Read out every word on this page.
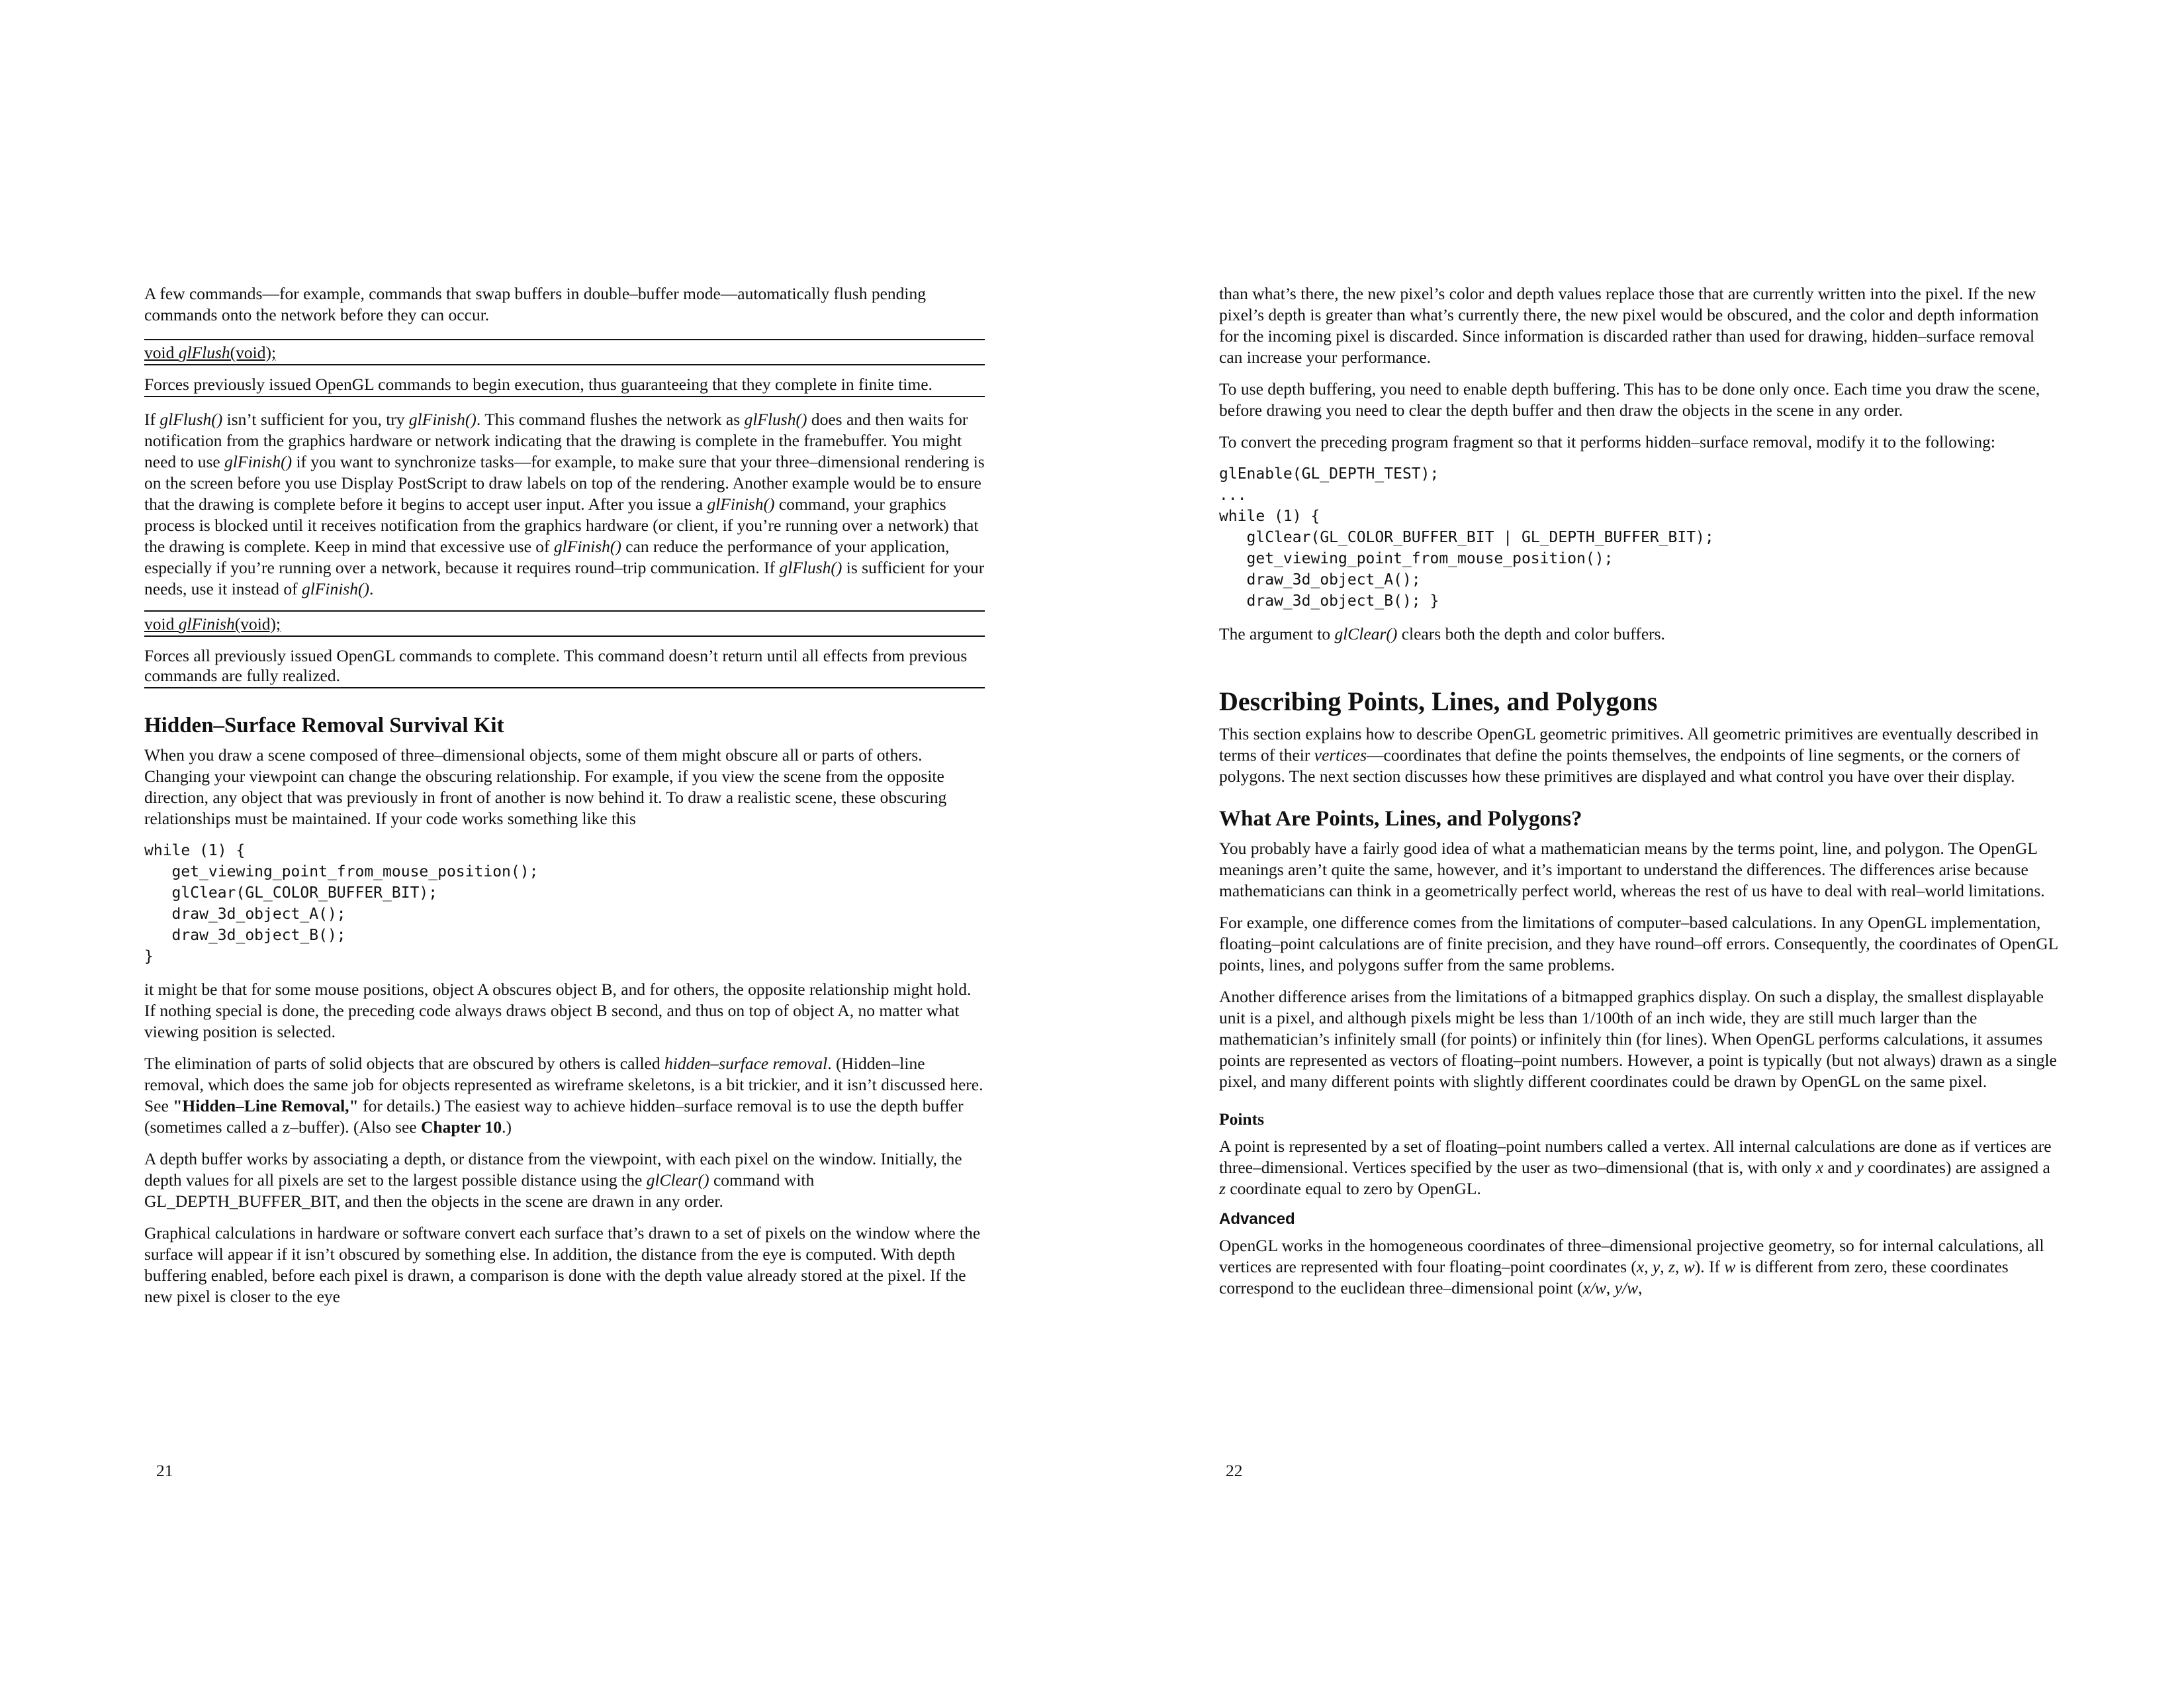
A few commands—for example, commands that swap buffers in double–buffer mode—automatically flush pending commands onto the network before they can occur.

void glFlush(void);

Forces previously issued OpenGL commands to begin execution, thus guaranteeing that they complete in finite time.

If glFlush() isn’t sufficient for you, try glFinish(). This command flushes the network as glFlush() does and then waits for notification from the graphics hardware or network indicating that the drawing is complete in the framebuffer. You might need to use glFinish() if you want to synchronize tasks—for example, to make sure that your three–dimensional rendering is on the screen before you use Display PostScript to draw labels on top of the rendering. Another example would be to ensure that the drawing is complete before it begins to accept user input. After you issue a glFinish() command, your graphics process is blocked until it receives notification from the graphics hardware (or client, if you’re running over a network) that the drawing is complete. Keep in mind that excessive use of glFinish() can reduce the performance of your application, especially if you’re running over a network, because it requires round–trip communication. If glFlush() is sufficient for your needs, use it instead of glFinish().

void glFinish(void);

Forces all previously issued OpenGL commands to complete. This command doesn’t return until all effects from previous commands are fully realized.

Hidden–Surface Removal Survival Kit

When you draw a scene composed of three–dimensional objects, some of them might obscure all or parts of others. Changing your viewpoint can change the obscuring relationship. For example, if you view the scene from the opposite direction, any object that was previously in front of another is now behind it. To draw a realistic scene, these obscuring relationships must be maintained. If your code works something like this

while (1) {
get_viewing_point_from_mouse_position();
glClear(GL_COLOR_BUFFER_BIT);
draw_3d_object_A();
draw_3d_object_B();
}

it might be that for some mouse positions, object A obscures object B, and for others, the opposite relationship might hold. If nothing special is done, the preceding code always draws object B second, and thus on top of object A, no matter what viewing position is selected.

The elimination of parts of solid objects that are obscured by others is called hidden–surface removal. (Hidden–line removal, which does the same job for objects represented as wireframe skeletons, is a bit trickier, and it isn’t discussed here. See "Hidden–Line Removal," for details.) The easiest way to achieve hidden–surface removal is to use the depth buffer (sometimes called a z–buffer). (Also see Chapter 10.)

A depth buffer works by associating a depth, or distance from the viewpoint, with each pixel on the window. Initially, the depth values for all pixels are set to the largest possible distance using the glClear() command with GL_DEPTH_BUFFER_BIT, and then the objects in the scene are drawn in any order.

Graphical calculations in hardware or software convert each surface that’s drawn to a set of pixels on the window where the surface will appear if it isn’t obscured by something else. In addition, the distance from the eye is computed. With depth buffering enabled, before each pixel is drawn, a comparison is done with the depth value already stored at the pixel. If the new pixel is closer to the eye

21

than what’s there, the new pixel’s color and depth values replace those that are currently written into the pixel. If the new pixel’s depth is greater than what’s currently there, the new pixel would be obscured, and the color and depth information for the incoming pixel is discarded. Since information is discarded rather than used for drawing, hidden–surface removal can increase your performance.

To use depth buffering, you need to enable depth buffering. This has to be done only once. Each time you draw the scene, before drawing you need to clear the depth buffer and then draw the objects in the scene in any order.

To convert the preceding program fragment so that it performs hidden–surface removal, modify it to the following:

glEnable(GL_DEPTH_TEST);
...
while (1) {
glClear(GL_COLOR_BUFFER_BIT | GL_DEPTH_BUFFER_BIT);
get_viewing_point_from_mouse_position();
draw_3d_object_A();
draw_3d_object_B(); }

The argument to glClear() clears both the depth and color buffers.

Describing Points, Lines, and Polygons

This section explains how to describe OpenGL geometric primitives. All geometric primitives are eventually described in terms of their vertices—coordinates that define the points themselves, the endpoints of line segments, or the corners of polygons. The next section discusses how these primitives are displayed and what control you have over their display.

What Are Points, Lines, and Polygons?

You probably have a fairly good idea of what a mathematician means by the terms point, line, and polygon. The OpenGL meanings aren’t quite the same, however, and it’s important to understand the differences. The differences arise because mathematicians can think in a geometrically perfect world, whereas the rest of us have to deal with real–world limitations.

For example, one difference comes from the limitations of computer–based calculations. In any OpenGL implementation, floating–point calculations are of finite precision, and they have round–off errors. Consequently, the coordinates of OpenGL points, lines, and polygons suffer from the same problems.

Another difference arises from the limitations of a bitmapped graphics display. On such a display, the smallest displayable unit is a pixel, and although pixels might be less than 1/100th of an inch wide, they are still much larger than the mathematician’s infinitely small (for points) or infinitely thin (for lines). When OpenGL performs calculations, it assumes points are represented as vectors of floating–point numbers. However, a point is typically (but not always) drawn as a single pixel, and many different points with slightly different coordinates could be drawn by OpenGL on the same pixel.

Points

A point is represented by a set of floating–point numbers called a vertex. All internal calculations are done as if vertices are three–dimensional. Vertices specified by the user as two–dimensional (that is, with only x and y coordinates) are assigned a z coordinate equal to zero by OpenGL.

Advanced

OpenGL works in the homogeneous coordinates of three–dimensional projective geometry, so for internal calculations, all vertices are represented with four floating–point coordinates (x, y, z, w). If w is different from zero, these coordinates correspond to the euclidean three–dimensional point (x/w, y/w,

22
